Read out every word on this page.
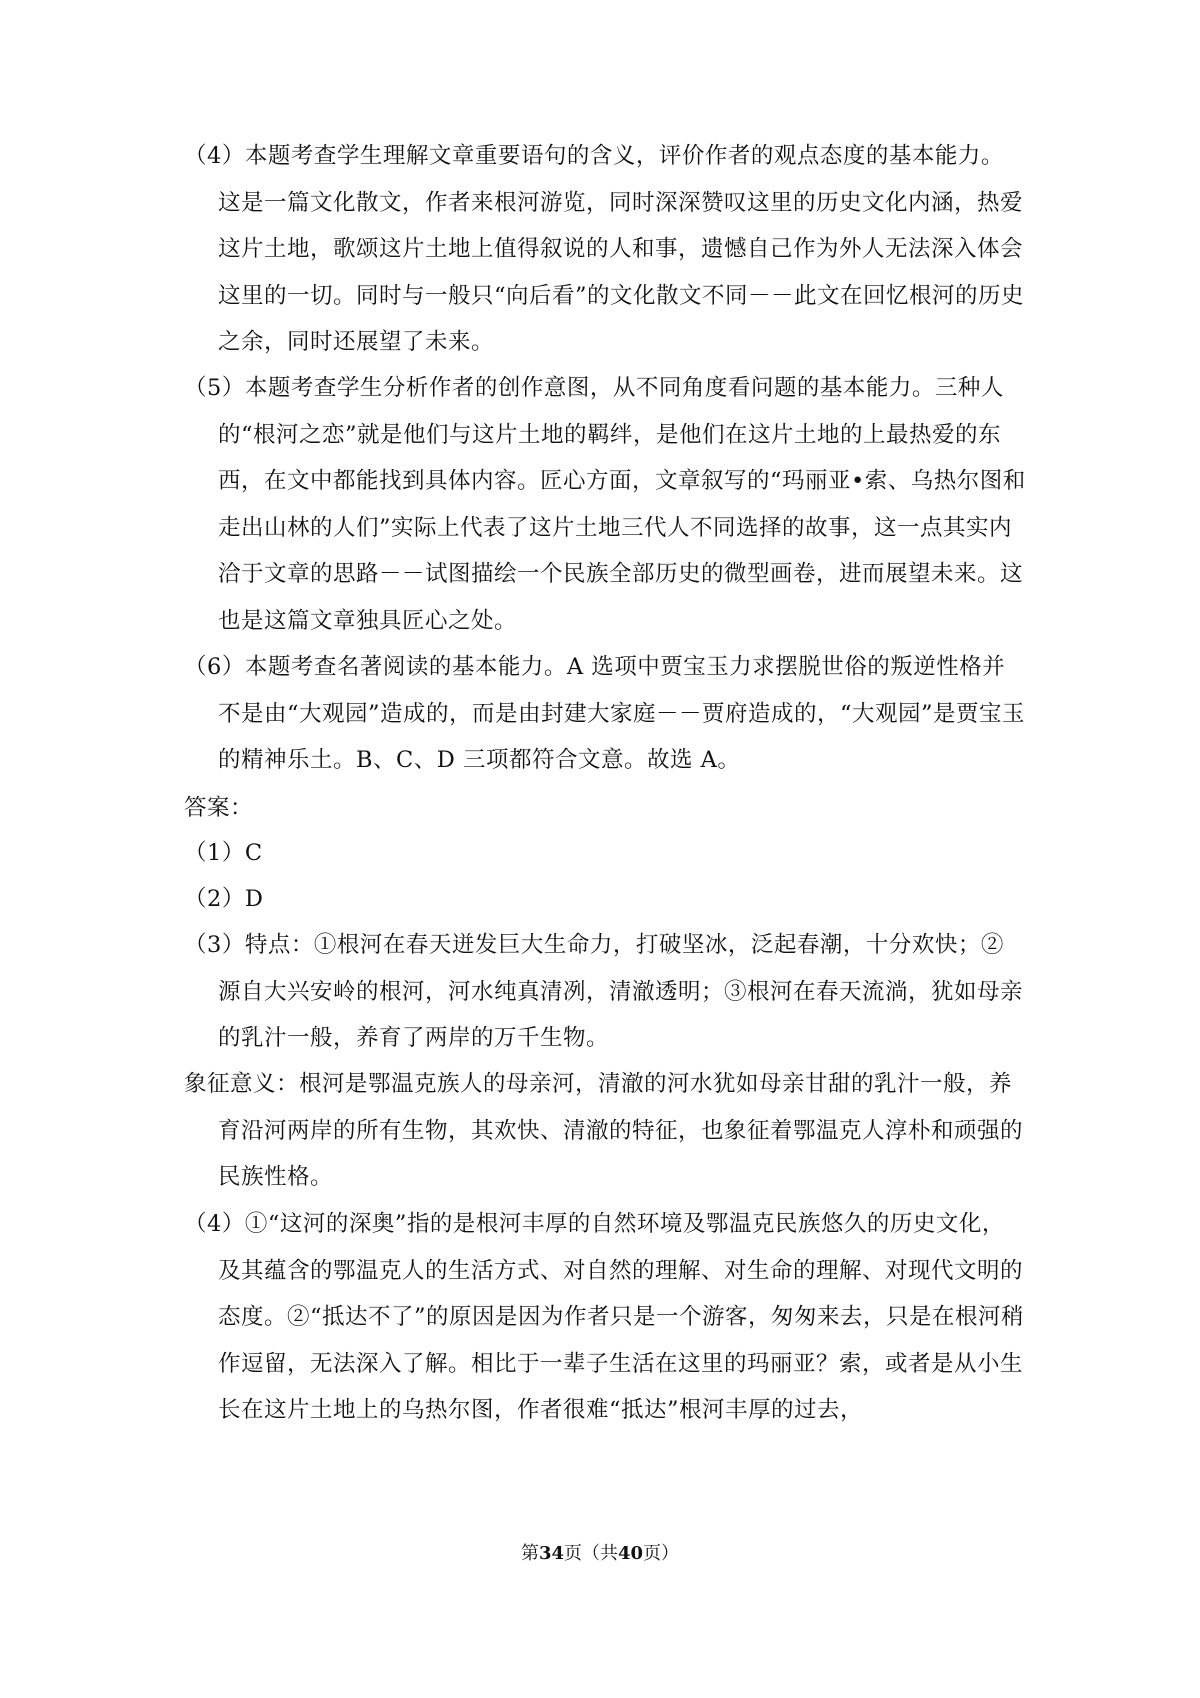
（4）本题考查学生理解文章重要语句的含义，评价作者的观点态度的基本能力。这是一篇文化散文，作者来根河游览，同时深深赞叹这里的历史文化内涵，热爱这片土地，歌颂这片土地上值得叙说的人和事，遗憾自己作为外人无法深入体会这里的一切。同时与一般只“向后看”的文化散文不同－－此文在回忆根河的历史之余，同时还展望了未来。
（5）本题考查学生分析作者的创作意图，从不同角度看问题的基本能力。三种人的“根河之恋”就是他们与这片土地的羁绊，是他们在这片土地的上最热爱的东西，在文中都能找到具体内容。匠心方面，文章叙写的“玛丽亚•索、乌热尔图和走出山林的人们”实际上代表了这片土地三代人不同选择的故事，这一点其实内洽于文章的思路－－试图描绘一个民族全部历史的微型画卷，进而展望未来。这也是这篇文章独具匠心之处。
（6）本题考查名著阅读的基本能力。A 选项中贾宝玉力求摆脱世俗的叛逆性格并不是由“大观园”造成的，而是由封建大家庭－－贾府造成的，“大观园”是贾宝玉的精神乐土。B、C、D 三项都符合文意。故选 A。
答案：
（1）C
（2）D
（3）特点：①根河在春天迸发巨大生命力，打破坚冰，泛起春潮，十分欢快；②源自大兴安岭的根河，河水纯真清冽，清澈透明；③根河在春天流淌，犹如母亲的乳汁一般，养育了两岸的万千生物。
象征意义：根河是鄂温克族人的母亲河，清澈的河水犹如母亲甘甜的乳汁一般，养育沿河两岸的所有生物，其欢快、清澈的特征，也象征着鄂温克人淳朴和顽强的民族性格。
（4）①“这河的深奥”指的是根河丰厚的自然环境及鄂温克民族悠久的历史文化，及其蕴含的鄂温克人的生活方式、对自然的理解、对生命的理解、对现代文明的态度。②“抵达不了”的原因是因为作者只是一个游客，匆匆来去，只是在根河稍作逗留，无法深入了解。相比于一辈子生活在这里的玛丽亚？索，或者是从小生长在这片土地上的乌热尔图，作者很难“抵达”根河丰厚的过去，
第34页（共40页）
